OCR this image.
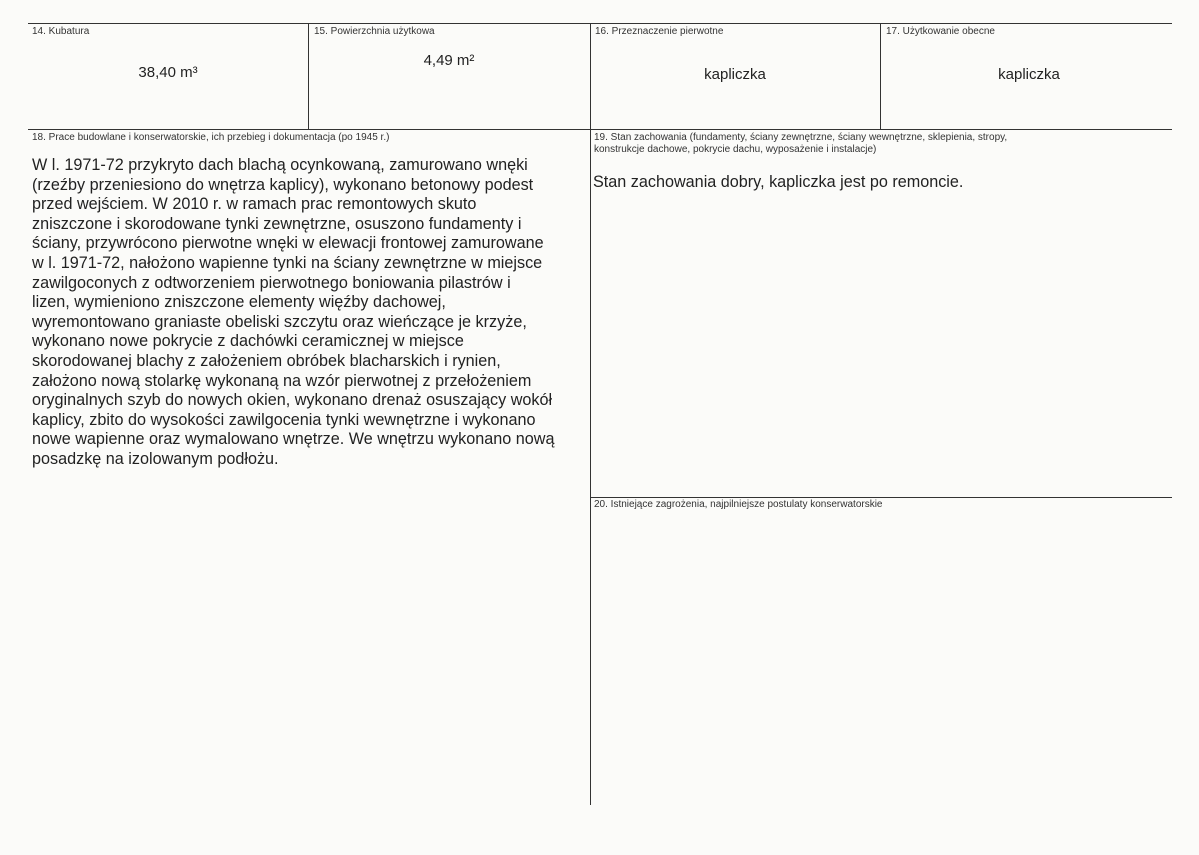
14. Kubatura
38,40 m³
15. Powierzchnia użytkowa
4,49 m²
16. Przeznaczenie pierwotne
kapliczka
17. Użytkowanie obecne
kapliczka
18. Prace budowlane i konserwatorskie, ich przebieg i dokumentacja (po 1945 r.)
W l. 1971-72 przykryto dach blachą ocynkowaną, zamurowano wnęki
(rzeźby przeniesiono do wnętrza kaplicy), wykonano betonowy podest
przed wejściem. W 2010 r. w ramach prac remontowych skuto
zniszczone i skorodowane tynki zewnętrzne, osuszono fundamenty i
ściany, przywrócono pierwotne wnęki w elewacji frontowej zamurowane
w l. 1971-72, nałożono wapienne tynki na ściany zewnętrzne w miejsce
zawilgoconych z odtworzeniem pierwotnego boniowania pilastrów i
lizen, wymieniono zniszczone elementy więźby dachowej,
wyremontowano graniaste obeliski szczytu oraz wieńczące je krzyże,
wykonano nowe pokrycie z dachówki ceramicznej w miejsce
skorodowanej blachy z założeniem obróbek blacharskich i rynien,
założono nową stolarkę wykonaną na wzór pierwotnej z przełożeniem
oryginalnych szyb do nowych okien, wykonano drenaż osuszający wokół
kaplicy, zbito do wysokości zawilgocenia tynki wewnętrzne i wykonano
nowe wapienne oraz wymalowano wnętrze. We wnętrzu wykonano nową
posadzkę na izolowanym podłożu.
19. Stan zachowania (fundamenty, ściany zewnętrzne, ściany wewnętrzne, sklepienia, stropy,
konstrukcje dachowe, pokrycie dachu, wyposażenie i instalacje)
Stan zachowania dobry, kapliczka jest po remoncie.
20. Istniejące zagrożenia, najpilniejsze postulaty konserwatorskie
